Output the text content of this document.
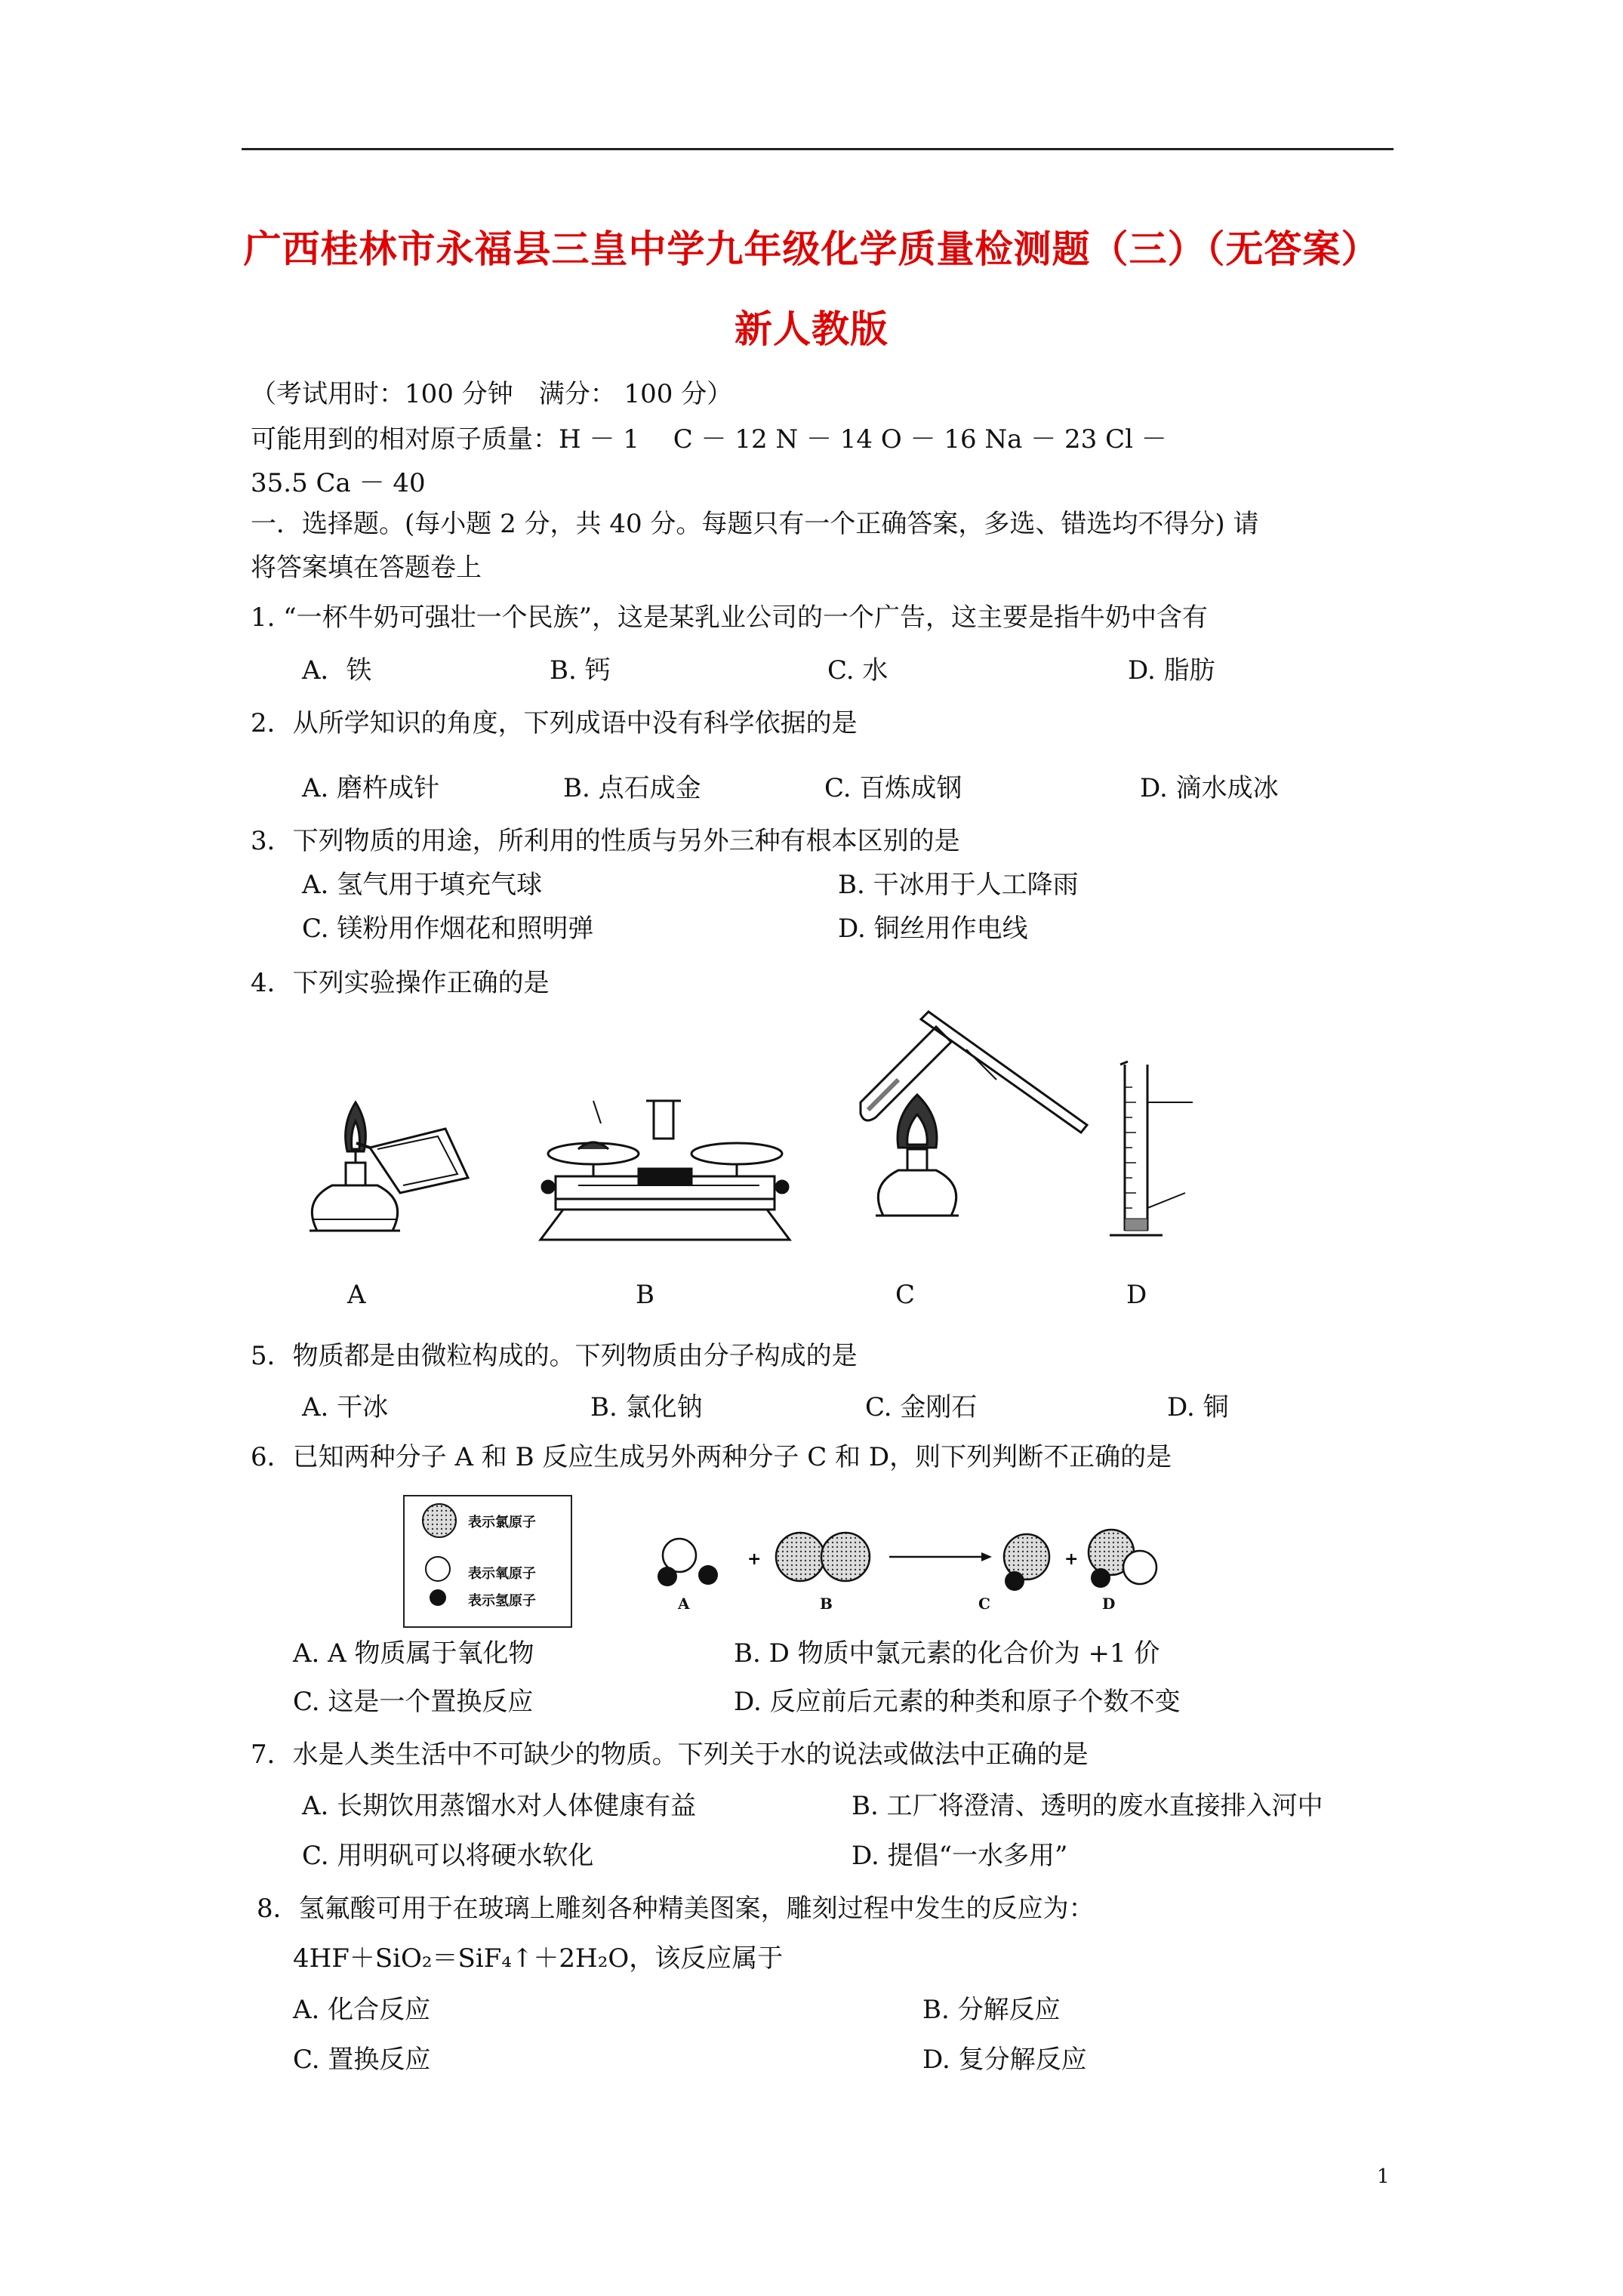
广西桂林市永福县三皇中学九年级化学质量检测题（三）（无答案）
新人教版
（考试用时：100 分钟　满分： 100 分）
可能用到的相对原子质量：H － 1　 C － 12 N － 14 O － 16 Na － 23 Cl －
35.5 Ca － 40
一．选择题。(每小题 2 分，共 40 分。每题只有一个正确答案，多选、错选均不得分) 请
将答案填在答题卷上
1. “一杯牛奶可强壮一个民族”，这是某乳业公司的一个广告，这主要是指牛奶中含有
A．铁	B. 钙	C. 水	D. 脂肪
2．从所学知识的角度，下列成语中没有科学依据的是
A. 磨杵成针	B. 点石成金	C. 百炼成钢	D. 滴水成冰
3．下列物质的用途，所利用的性质与另外三种有根本区别的是
A. 氢气用于填充气球	B. 干冰用于人工降雨
C. 镁粉用作烟花和照明弹	D. 铜丝用作电线
4．下列实验操作正确的是
A	B	C	D
5．物质都是由微粒构成的。下列物质由分子构成的是
A. 干冰	B. 氯化钠	C. 金刚石	D. 铜
6．已知两种分子 A 和 B 反应生成另外两种分子 C 和 D，则下列判断不正确的是
表示氯原子
表示氧原子
表示氢原子
+	+
A	B	C	D
A. A 物质属于氧化物	B. D 物质中氯元素的化合价为 +1 价
C. 这是一个置换反应	D. 反应前后元素的种类和原子个数不变
7．水是人类生活中不可缺少的物质。下列关于水的说法或做法中正确的是
A. 长期饮用蒸馏水对人体健康有益	B. 工厂将澄清、透明的废水直接排入河中
C. 用明矾可以将硬水软化	D. 提倡“一水多用”
8．氢氟酸可用于在玻璃上雕刻各种精美图案，雕刻过程中发生的反应为：
4HF＋SiO₂＝SiF₄↑＋2H₂O，该反应属于
A. 化合反应	B. 分解反应
C. 置换反应	D. 复分解反应
1
